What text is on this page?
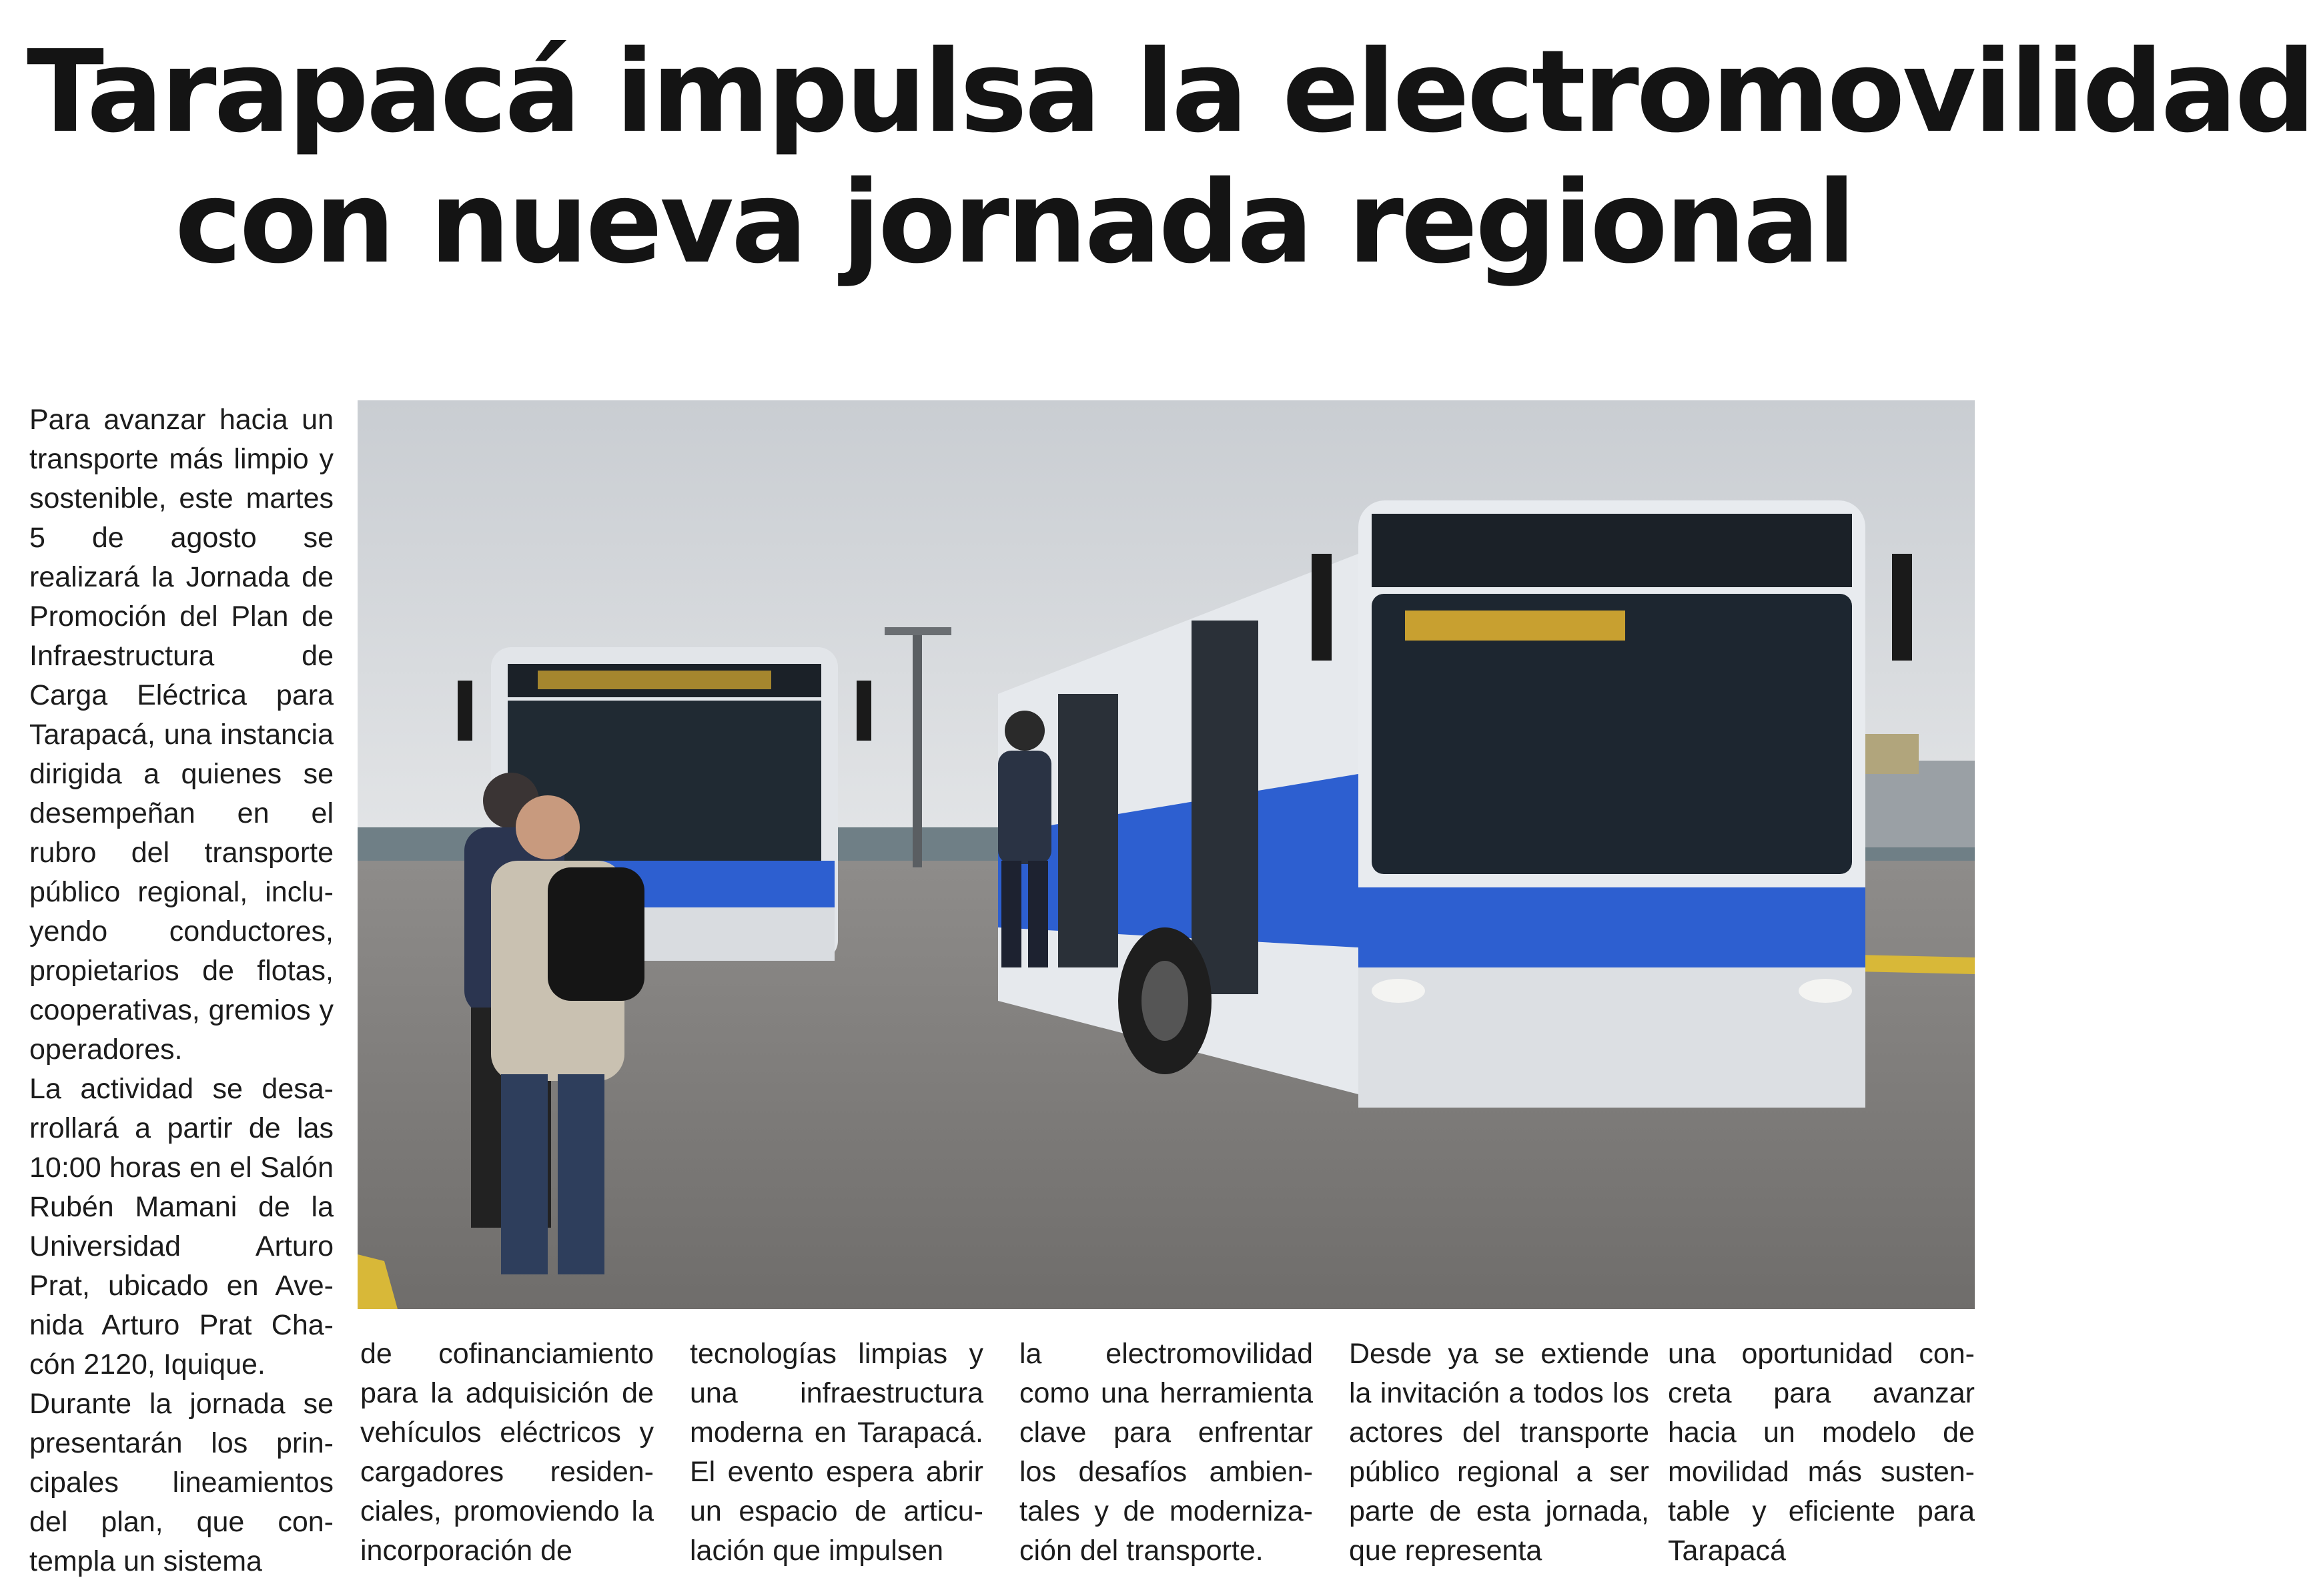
Tarapacá impulsa la electromovilidad
con nueva jornada regional

Para avanzar hacia un transporte más limpio y sostenible, este martes 5 de agosto se realizará la Jornada de Promoción del Plan de Infraestructura de Carga Eléctrica para Tarapacá, una instancia dirigida a quienes se desempeñan en el rubro del transporte público regional, incluyendo conductores, propietarios de flotas, cooperativas, gremios y operadores.

La actividad se desarrollará a partir de las 10:00 horas en el Salón Rubén Mamani de la Universidad Arturo Prat, ubicado en Avenida Arturo Prat Chacón 2120, Iquique.

Durante la jornada se presentarán los principales lineamientos del plan, que contempla un sistema

de cofinanciamiento para la adquisición de vehículos eléctricos y cargadores residenciales, promoviendo la incorporación de

tecnologías limpias y una infraestructura moderna en Tarapacá. El evento espera abrir un espacio de articulación que impulsen

la electromovilidad como una herramienta clave para enfrentar los desafíos ambientales y de modernización del transporte.

Desde ya se extiende la invitación a todos los actores del transporte público regional a ser parte de esta jornada, que representa

una oportunidad concreta para avanzar hacia un modelo de movilidad más sustentable y eficiente para Tarapacá
